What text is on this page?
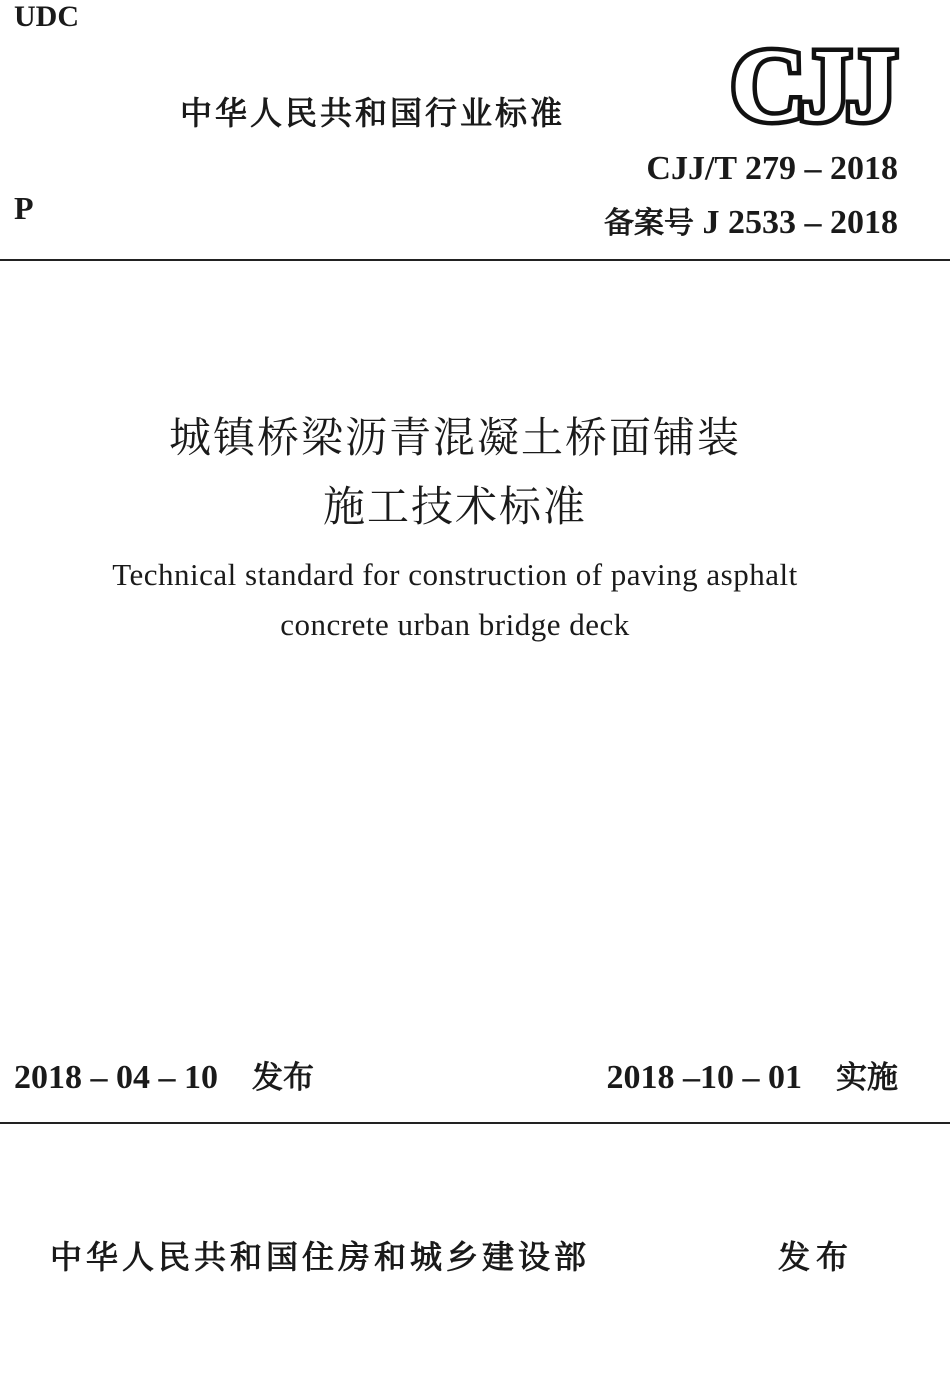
UDC
中华人民共和国行业标准 CJJ
CJJ/T 279 – 2018
P	备案号 J 2533 – 2018
城镇桥梁沥青混凝土桥面铺装
施工技术标准
Technical standard for construction of paving asphalt
concrete urban bridge deck
2018 – 04 – 10 发布	2018 –10 – 01 实施
中华人民共和国住房和城乡建设部	发布
